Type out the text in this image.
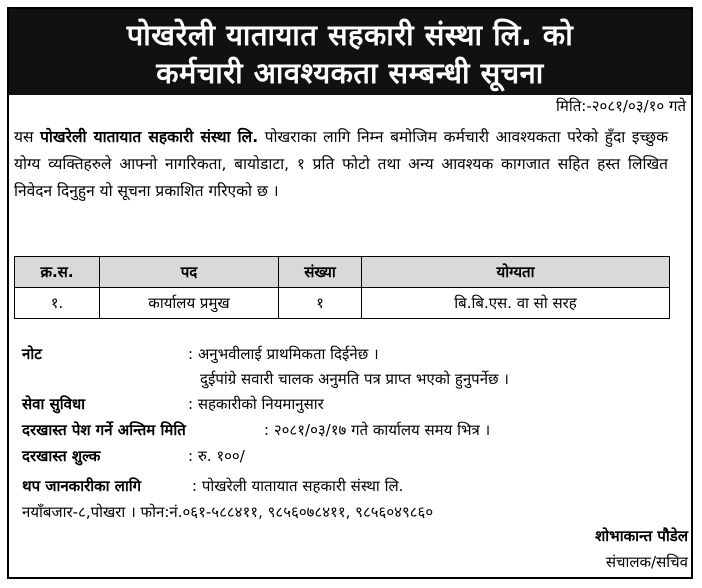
पोखरेली यातायात सहकारी संस्था लि. को
कर्मचारी आवश्यकता सम्बन्धी सूचना
मिति:-२०८१/०३/१० गते
यस पोखरेली यातायात सहकारी संस्था लि. पोखराका लागि निम्न बमोजिम कर्मचारी आवश्यकता परेको हुँदा इच्छुक योग्य व्यक्तिहरुले आफ्नो नागरिकता, बायोडाटा, १ प्रति फोटो तथा अन्य आवश्यक कागजात सहित हस्त लिखित निवेदन दिनुहुन यो सूचना प्रकाशित गरिएको छ ।
क्र.स.	पद	संख्या	योग्यता
१.	कार्यालय प्रमुख	१	बि.बि.एस. वा सो सरह
नोट	: अनुभवीलाई प्राथमिकता दिईनेछ ।
दुईपांग्रे सवारी चालक अनुमति पत्र प्राप्त भएको हुनुपर्नेछ ।
सेवा सुविधा	: सहकारीको नियमानुसार
दरखास्त पेश गर्ने अन्तिम मिति	: २०८१/०३/१७ गते कार्यालय समय भित्र ।
दरखास्त शुल्क	: रु. १००/
थप जानकारीका लागि	: पोखरेली यातायात सहकारी संस्था लि.
नयाँबजार-८,पोखरा । फोन:नं.०६१-५८८४११, ९८५६०७८४११, ९८५६०४९८६०
शोभाकान्त पौडेल
संचालक/सचिव
